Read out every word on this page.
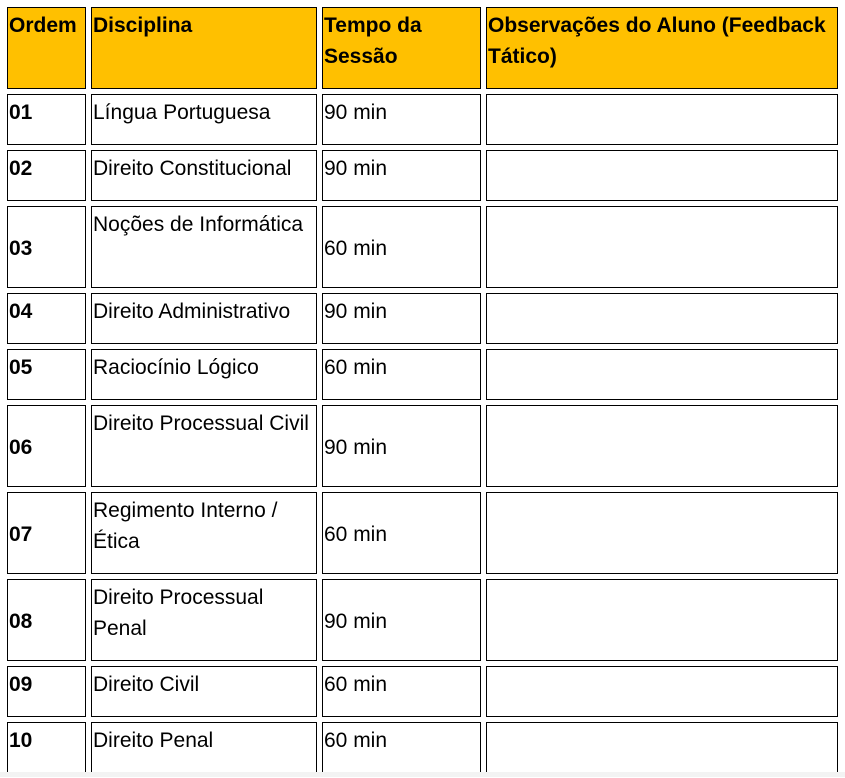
Ordem	Disciplina	Tempo da Sessão	Observações do Aluno (Feedback Tático)
01	Língua Portuguesa	90 min	
02	Direito Constitucional	90 min	
03	Noções de Informática	60 min	
04	Direito Administrativo	90 min	
05	Raciocínio Lógico	60 min	
06	Direito Processual Civil	90 min	
07	Regimento Interno / Ética	60 min	
08	Direito Processual Penal	90 min	
09	Direito Civil	60 min	
10	Direito Penal	60 min	
